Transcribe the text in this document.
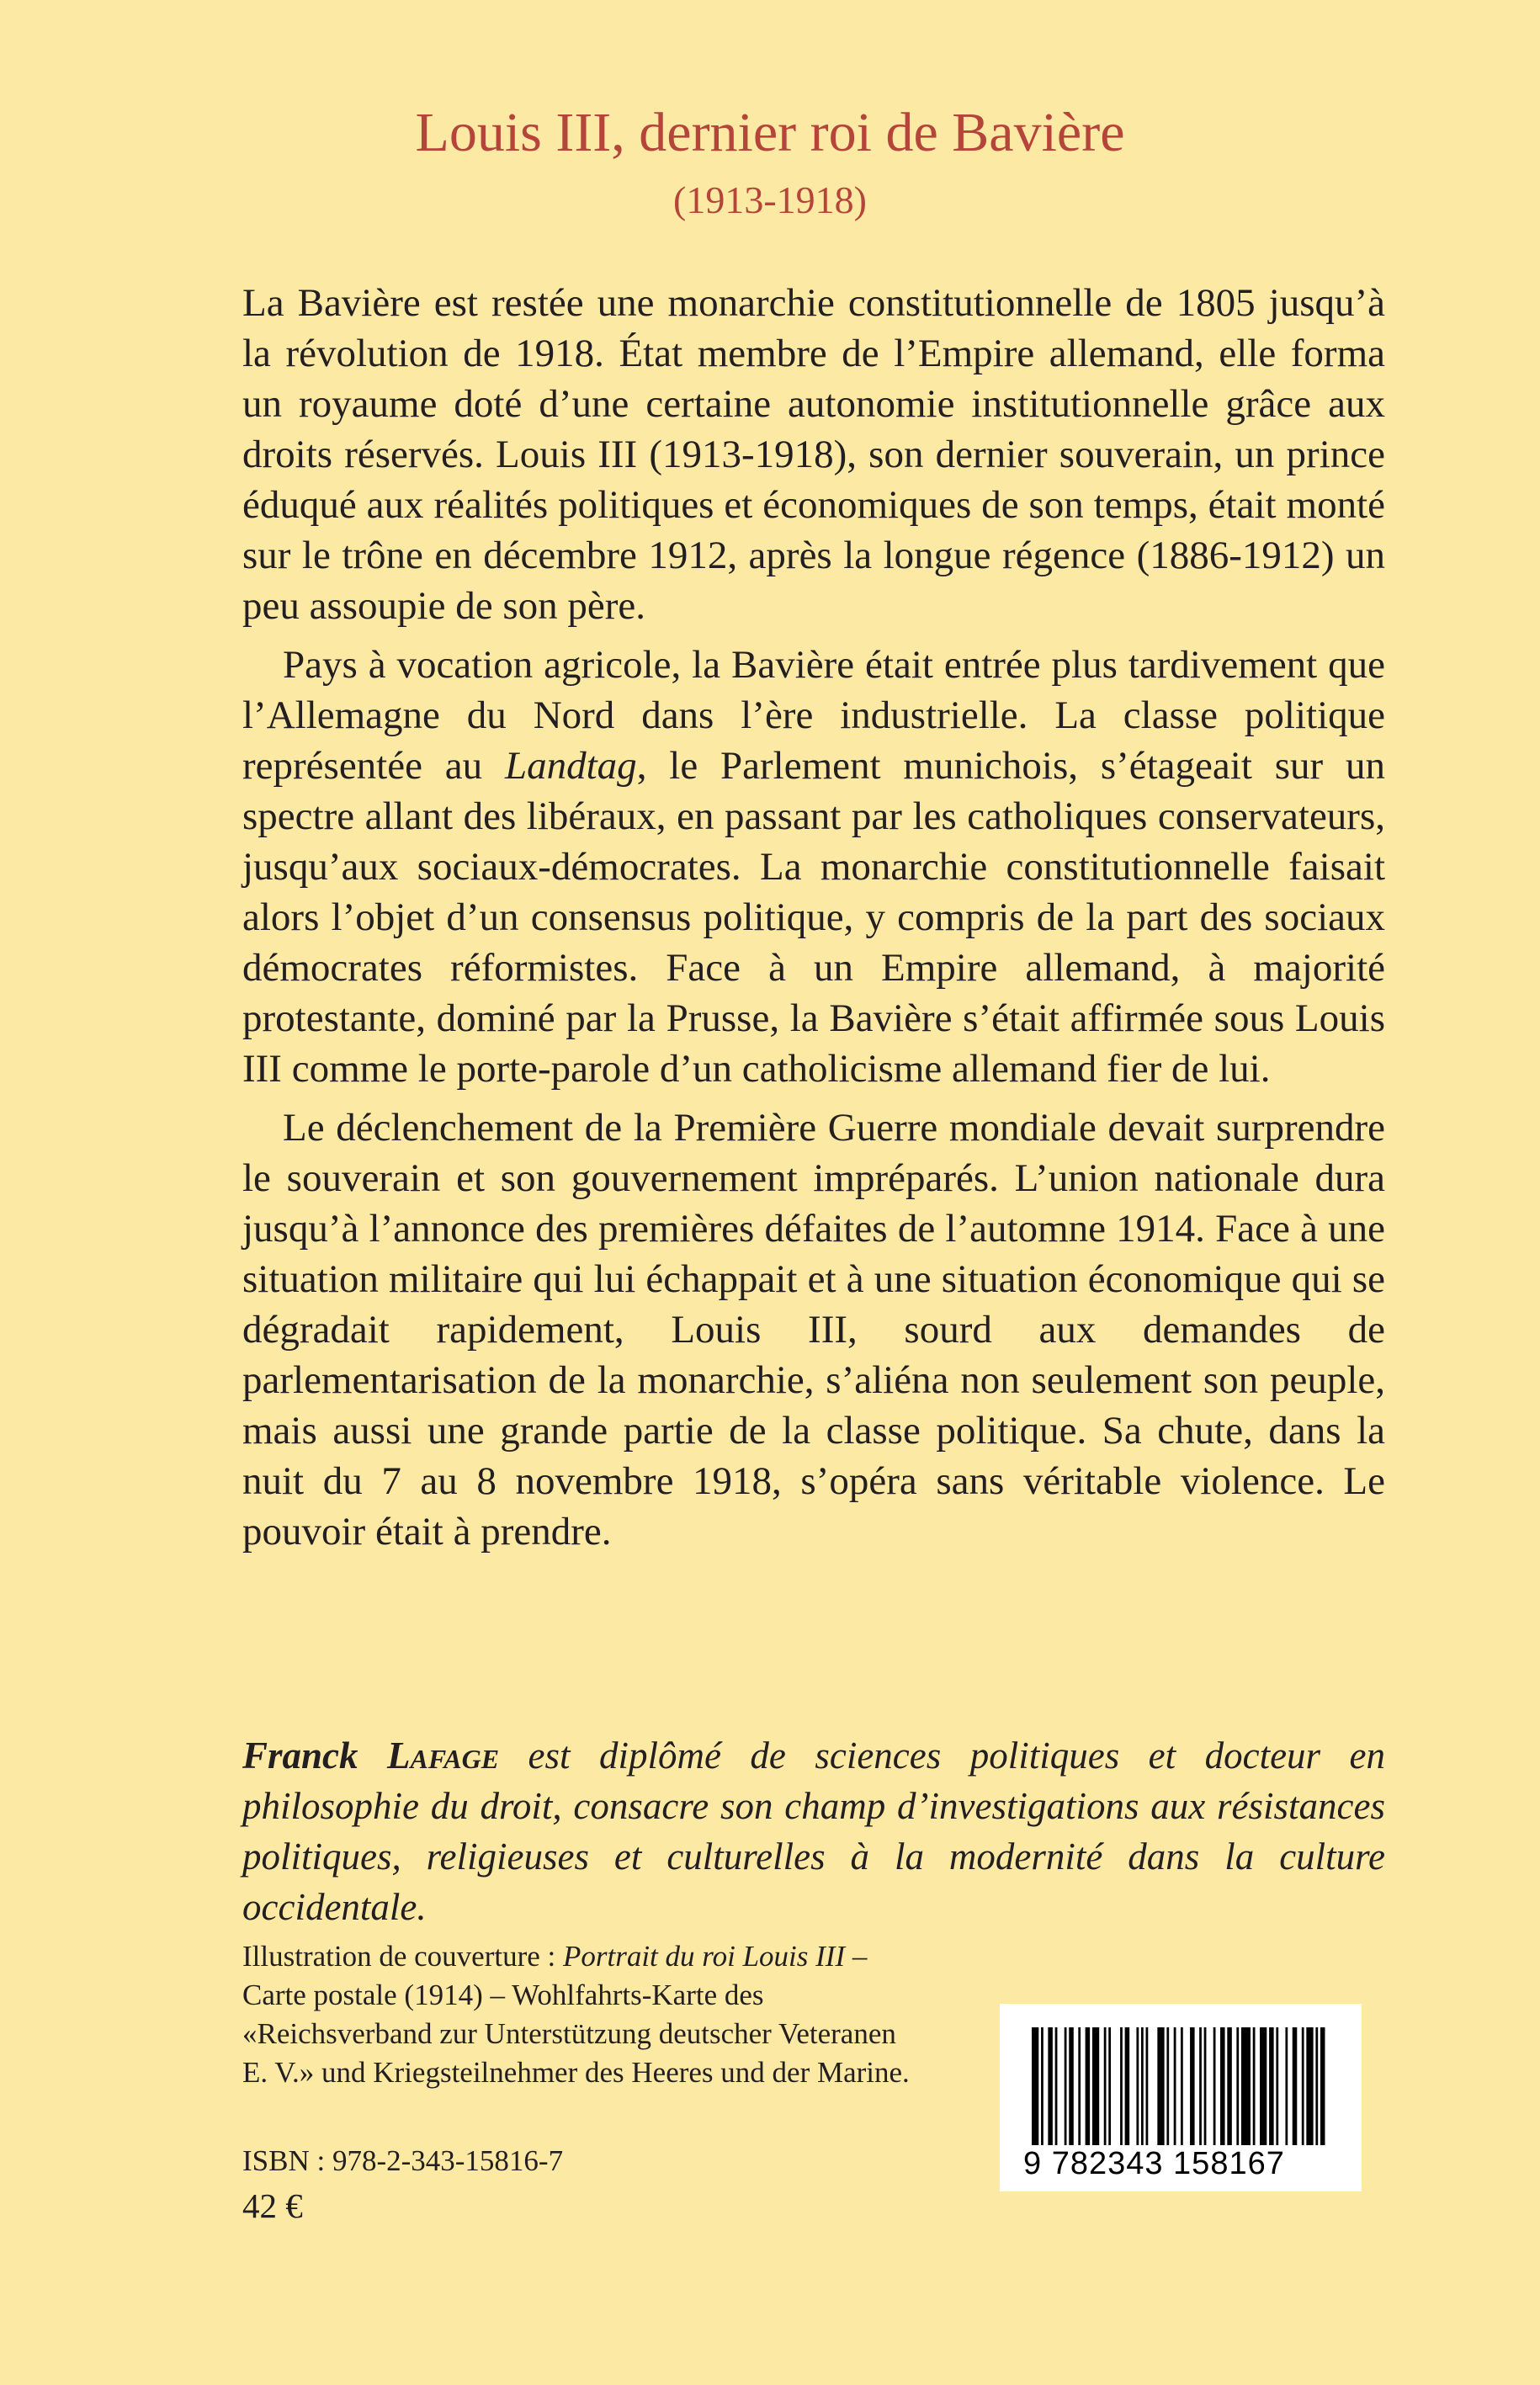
Louis III, dernier roi de Bavière
(1913-1918)

La Bavière est restée une monarchie constitutionnelle de 1805 jusqu’à la révolution de 1918. État membre de l’Empire allemand, elle forma un royaume doté d’une certaine autonomie institutionnelle grâce aux droits réservés. Louis III (1913-1918), son dernier souverain, un prince éduqué aux réalités politiques et économiques de son temps, était monté sur le trône en décembre 1912, après la longue régence (1886-1912) un peu assoupie de son père.

Pays à vocation agricole, la Bavière était entrée plus tardivement que l’Allemagne du Nord dans l’ère industrielle. La classe politique représentée au Landtag, le Parlement munichois, s’étageait sur un spectre allant des libéraux, en passant par les catholiques conservateurs, jusqu’aux sociaux-démocrates. La monarchie constitutionnelle faisait alors l’objet d’un consensus politique, y compris de la part des sociaux démocrates réformistes. Face à un Empire allemand, à majorité protestante, dominé par la Prusse, la Bavière s’était affirmée sous Louis III comme le porte-parole d’un catholicisme allemand fier de lui.

Le déclenchement de la Première Guerre mondiale devait surprendre le souverain et son gouvernement impréparés. L’union nationale dura jusqu’à l’annonce des premières défaites de l’automne 1914. Face à une situation militaire qui lui échappait et à une situation économique qui se dégradait rapidement, Louis III, sourd aux demandes de parlementarisation de la monarchie, s’aliéna non seulement son peuple, mais aussi une grande partie de la classe politique. Sa chute, dans la nuit du 7 au 8 novembre 1918, s’opéra sans véritable violence. Le pouvoir était à prendre.

Franck Lafage est diplômé de sciences politiques et docteur en philosophie du droit, consacre son champ d’investigations aux résistances politiques, religieuses et culturelles à la modernité dans la culture occidentale.

Illustration de couverture : Portrait du roi Louis III –

Carte postale (1914) – Wohlfahrts-Karte des

«Reichsverband zur Unterstützung deutscher Veteranen

E. V.» und Kriegsteilnehmer des Heeres und der Marine.

ISBN : 978-2-343-15816-7
42 €
9 782343 158167
